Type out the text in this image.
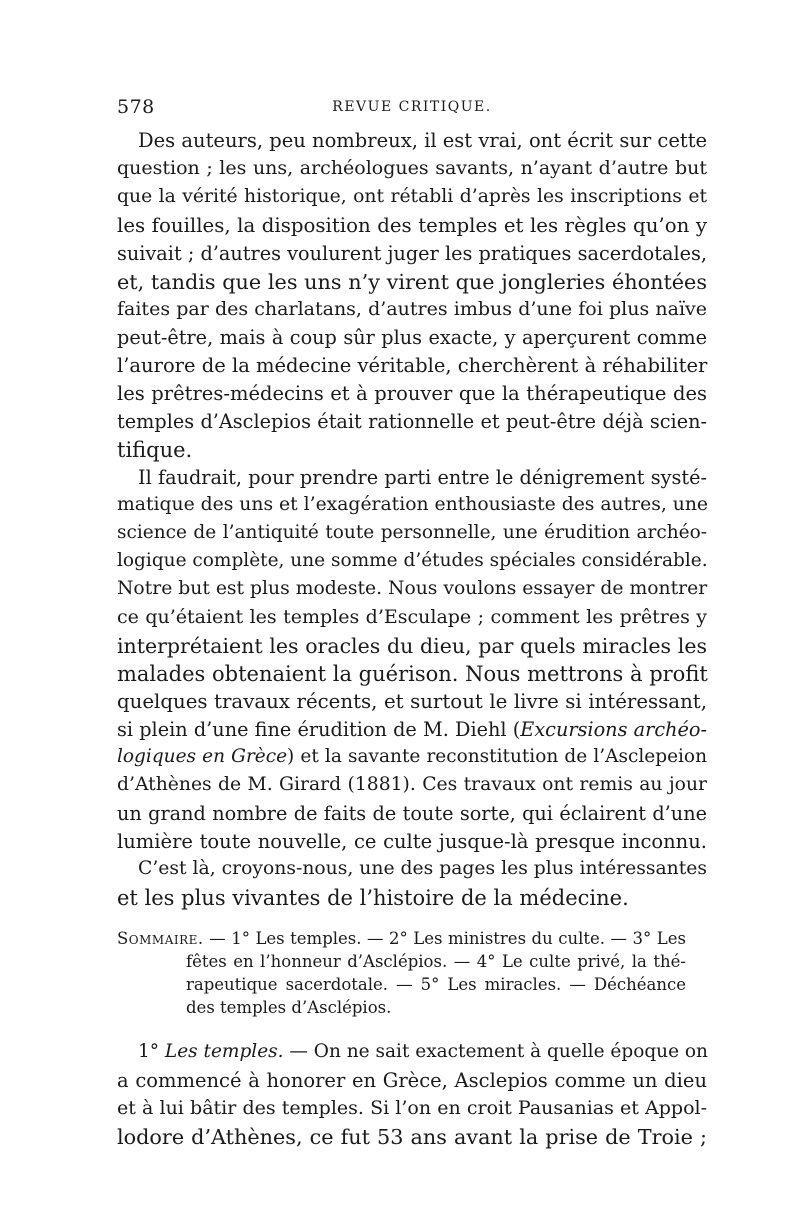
578	REVUE CRITIQUE.
Des auteurs, peu nombreux, il est vrai, ont écrit sur cette
question ; les uns, archéologues savants, n’ayant d’autre but
que la vérité historique, ont rétabli d’après les inscriptions et
les fouilles, la disposition des temples et les règles qu’on y
suivait ; d’autres voulurent juger les pratiques sacerdotales,
et, tandis que les uns n’y virent que jongleries éhontées
faites par des charlatans, d’autres imbus d’une foi plus naïve
peut-être, mais à coup sûr plus exacte, y aperçurent comme
l’aurore de la médecine véritable, cherchèrent à réhabiliter
les prêtres-médecins et à prouver que la thérapeutique des
temples d’Asclepios était rationnelle et peut-être déjà scien-
tifique.
Il faudrait, pour prendre parti entre le dénigrement systé-
matique des uns et l’exagération enthousiaste des autres, une
science de l’antiquité toute personnelle, une érudition archéo-
logique complète, une somme d’études spéciales considérable.
Notre but est plus modeste. Nous voulons essayer de montrer
ce qu’étaient les temples d’Esculape ; comment les prêtres y
interprétaient les oracles du dieu, par quels miracles les
malades obtenaient la guérison. Nous mettrons à profit
quelques travaux récents, et surtout le livre si intéressant,
si plein d’une fine érudition de M. Diehl (Excursions archéo-
logiques en Grèce) et la savante reconstitution de l’Asclepeion
d’Athènes de M. Girard (1881). Ces travaux ont remis au jour
un grand nombre de faits de toute sorte, qui éclairent d’une
lumière toute nouvelle, ce culte jusque-là presque inconnu.
C’est là, croyons-nous, une des pages les plus intéressantes
et les plus vivantes de l’histoire de la médecine.
Sommaire. — 1° Les temples. — 2° Les ministres du culte. — 3° Les
fêtes en l’honneur d’Asclépios. — 4° Le culte privé, la thé-
rapeutique sacerdotale. — 5° Les miracles. — Déchéance
des temples d’Asclépios.
1° Les temples. — On ne sait exactement à quelle époque on
a commencé à honorer en Grèce, Asclepios comme un dieu
et à lui bâtir des temples. Si l’on en croit Pausanias et Appol-
lodore d’Athènes, ce fut 53 ans avant la prise de Troie ;
